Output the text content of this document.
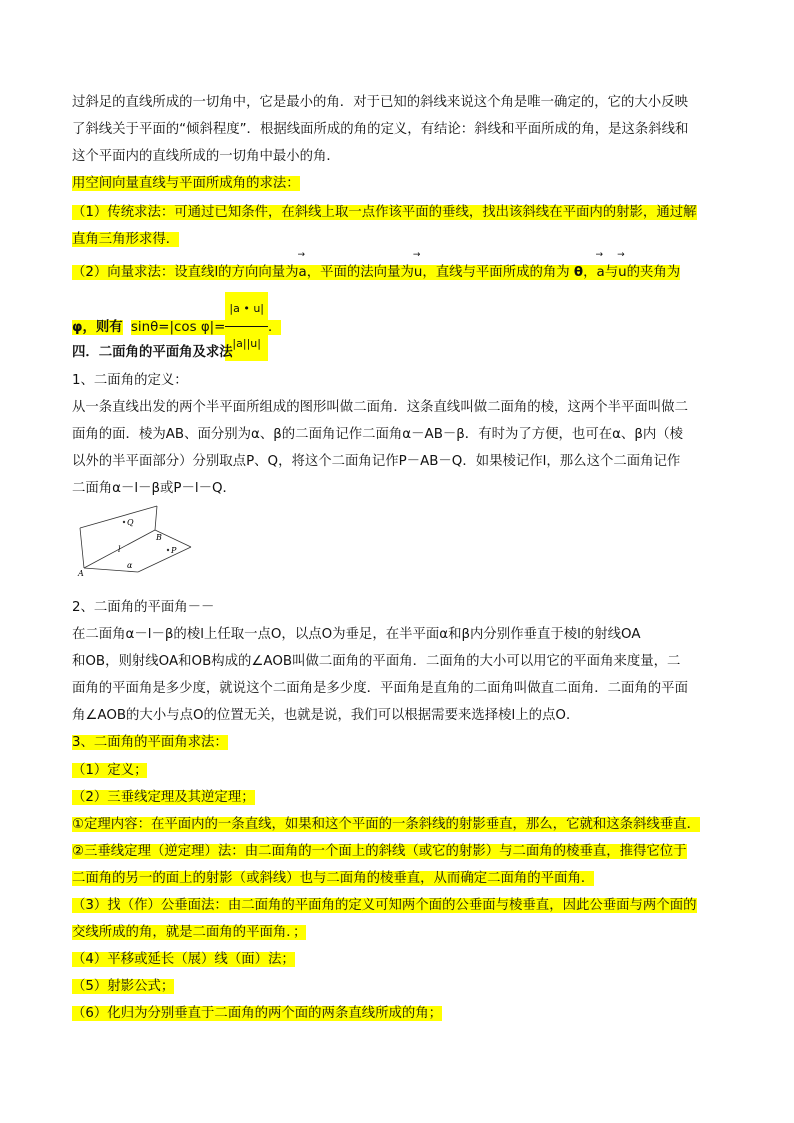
过斜足的直线所成的一切角中，它是最小的角．对于已知的斜线来说这个角是唯一确定的，它的大小反映
了斜线关于平面的“倾斜程度”．根据线面所成的角的定义，有结论：斜线和平面所成的角，是这条斜线和
这个平面内的直线所成的一切角中最小的角．
用空间向量直线与平面所成角的求法：
（1）传统求法：可通过已知条件，在斜线上取一点作该平面的垂线，找出该斜线在平面内的射影，通过解
直角三角形求得．
（2）向量求法：设直线l的方向向量为→ a，平面的法向量为→ u，直线与平面所成的角为 θ，→ a与→ u的夹角为
φ，则有 sinθ=|cos $\varphi|= \frac{|a • u|}{|a||u|}$ ．
四．二面角的平面角及求法
1、二面角的定义：
从一条直线出发的两个半平面所组成的图形叫做二面角．这条直线叫做二面角的棱，这两个半平面叫做二
面角的面．棱为AB、面分别为α、β的二面角记作二面角α－AB－β．有时为了方便，也可在α、β内（棱
以外的半平面部分）分别取点P、Q，将这个二面角记作P－AB－Q．如果棱记作l，那么这个二面角记作
二面角α－l－β或P－l－Q．
Q
B
l	P
A
α
2、二面角的平面角－－
在二面角α－l－β的棱l上任取一点O，以点O为垂足，在半平面α和β内分别作垂直于棱l的射线OA
和OB，则射线OA和OB构成的∠AOB叫做二面角的平面角．二面角的大小可以用它的平面角来度量，二
面角的平面角是多少度，就说这个二面角是多少度．平面角是直角的二面角叫做直二面角．二面角的平面
角∠AOB的大小与点O的位置无关，也就是说，我们可以根据需要来选择棱l上的点O．
3、二面角的平面角求法：
（1）定义；
（2）三垂线定理及其逆定理；
①定理内容：在平面内的一条直线，如果和这个平面的一条斜线的射影垂直，那么，它就和这条斜线垂直．
②三垂线定理（逆定理）法：由二面角的一个面上的斜线（或它的射影）与二面角的棱垂直，推得它位于
二面角的另一的面上的射影（或斜线）也与二面角的棱垂直，从而确定二面角的平面角．
（3）找（作）公垂面法：由二面角的平面角的定义可知两个面的公垂面与棱垂直，因此公垂面与两个面的
交线所成的角，就是二面角的平面角．；
（4）平移或延长（展）线（面）法；
（5）射影公式；
（6）化归为分别垂直于二面角的两个面的两条直线所成的角；
